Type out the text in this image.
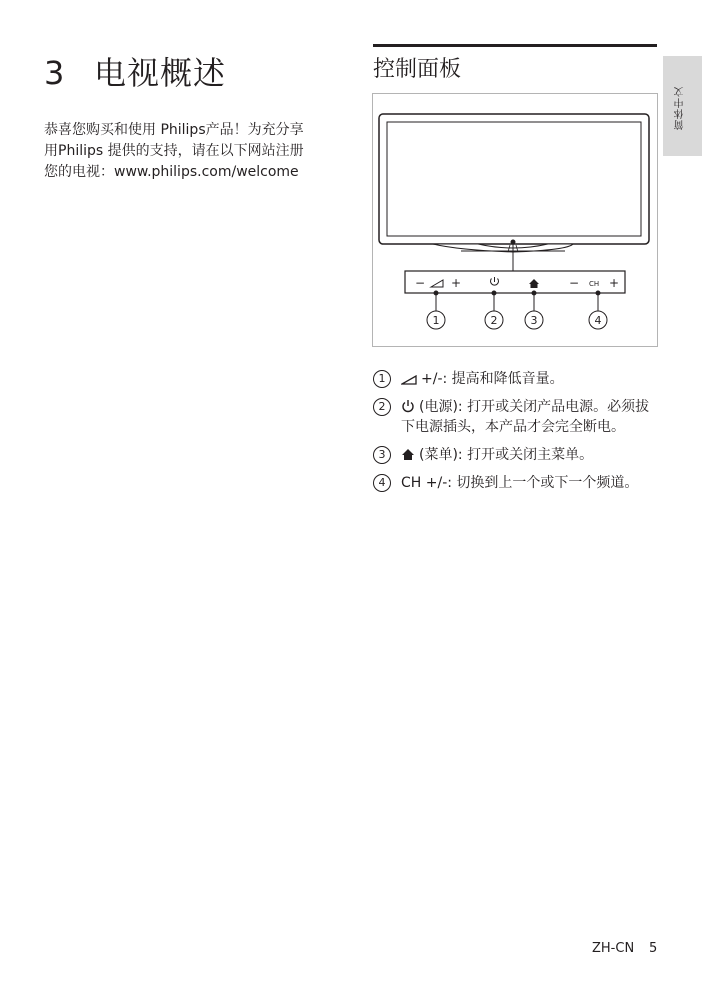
3 电视概述
恭喜您购买和使用 Philips产品！为充分享
用Philips 提供的支持，请在以下网站注册
您的电视：www.philips.com/welcome
控制面板
简体中文
− +	− CH +
1	2	3	4
1	+/-: 提高和降低音量。
2	(电源): 打开或关闭产品电源。必须拔
下电源插头，本产品才会完全断电。
3	(菜单): 打开或关闭主菜单。
4	CH +/-: 切换到上一个或下一个频道。
ZH-CN 5
